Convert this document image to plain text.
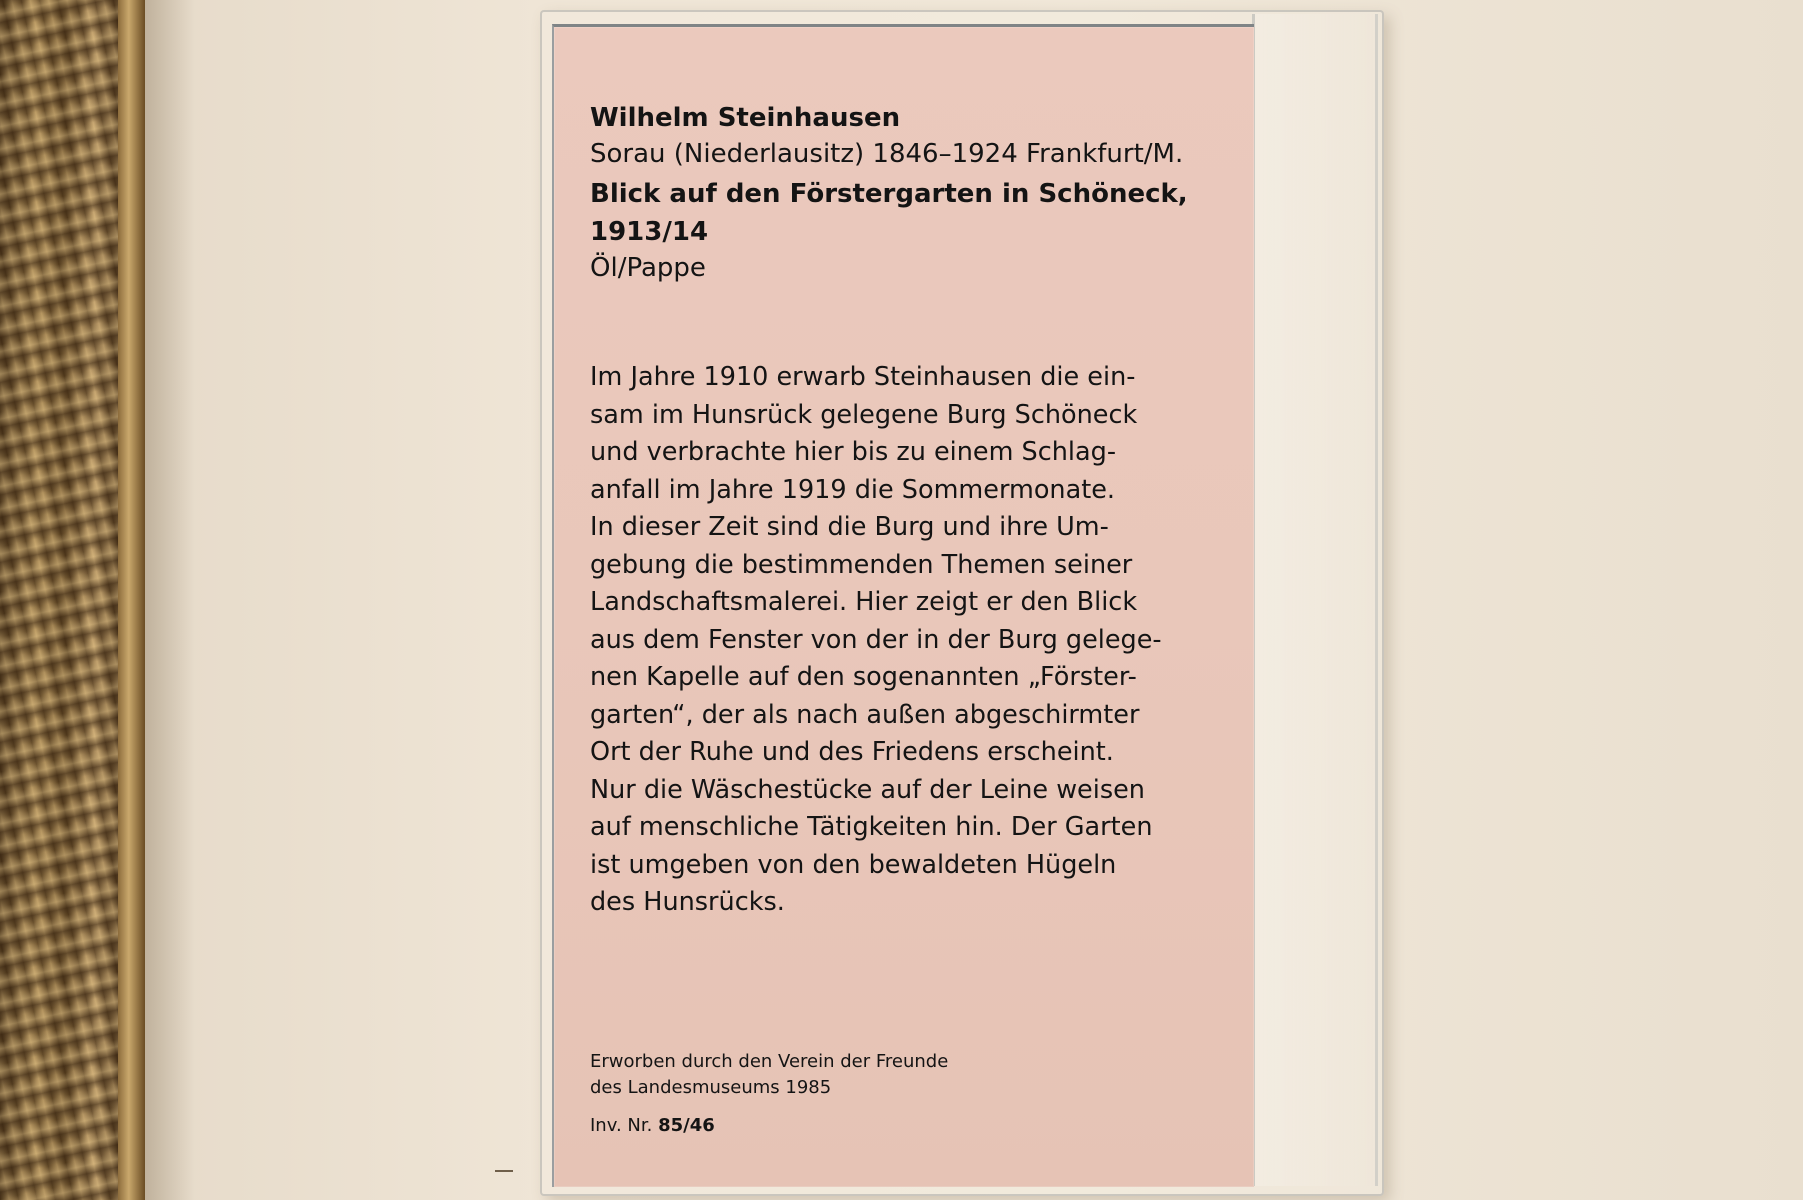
Wilhelm Steinhausen
Sorau (Niederlausitz) 1846–1924 Frankfurt/M.
Blick auf den Förstergarten in Schöneck, 1913/14
Öl/Pappe
Im Jahre 1910 erwarb Steinhausen die ein-
sam im Hunsrück gelegene Burg Schöneck
und verbrachte hier bis zu einem Schlag-
anfall im Jahre 1919 die Sommermonate.
In dieser Zeit sind die Burg und ihre Um-
gebung die bestimmenden Themen seiner
Landschaftsmalerei. Hier zeigt er den Blick
aus dem Fenster von der in der Burg gelege-
nen Kapelle auf den sogenannten „Förster-
garten“, der als nach außen abgeschirmter
Ort der Ruhe und des Friedens erscheint.
Nur die Wäschestücke auf der Leine weisen
auf menschliche Tätigkeiten hin. Der Garten
ist umgeben von den bewaldeten Hügeln
des Hunsrücks.
Erworben durch den Verein der Freunde
des Landesmuseums 1985
Inv. Nr. 85/46
